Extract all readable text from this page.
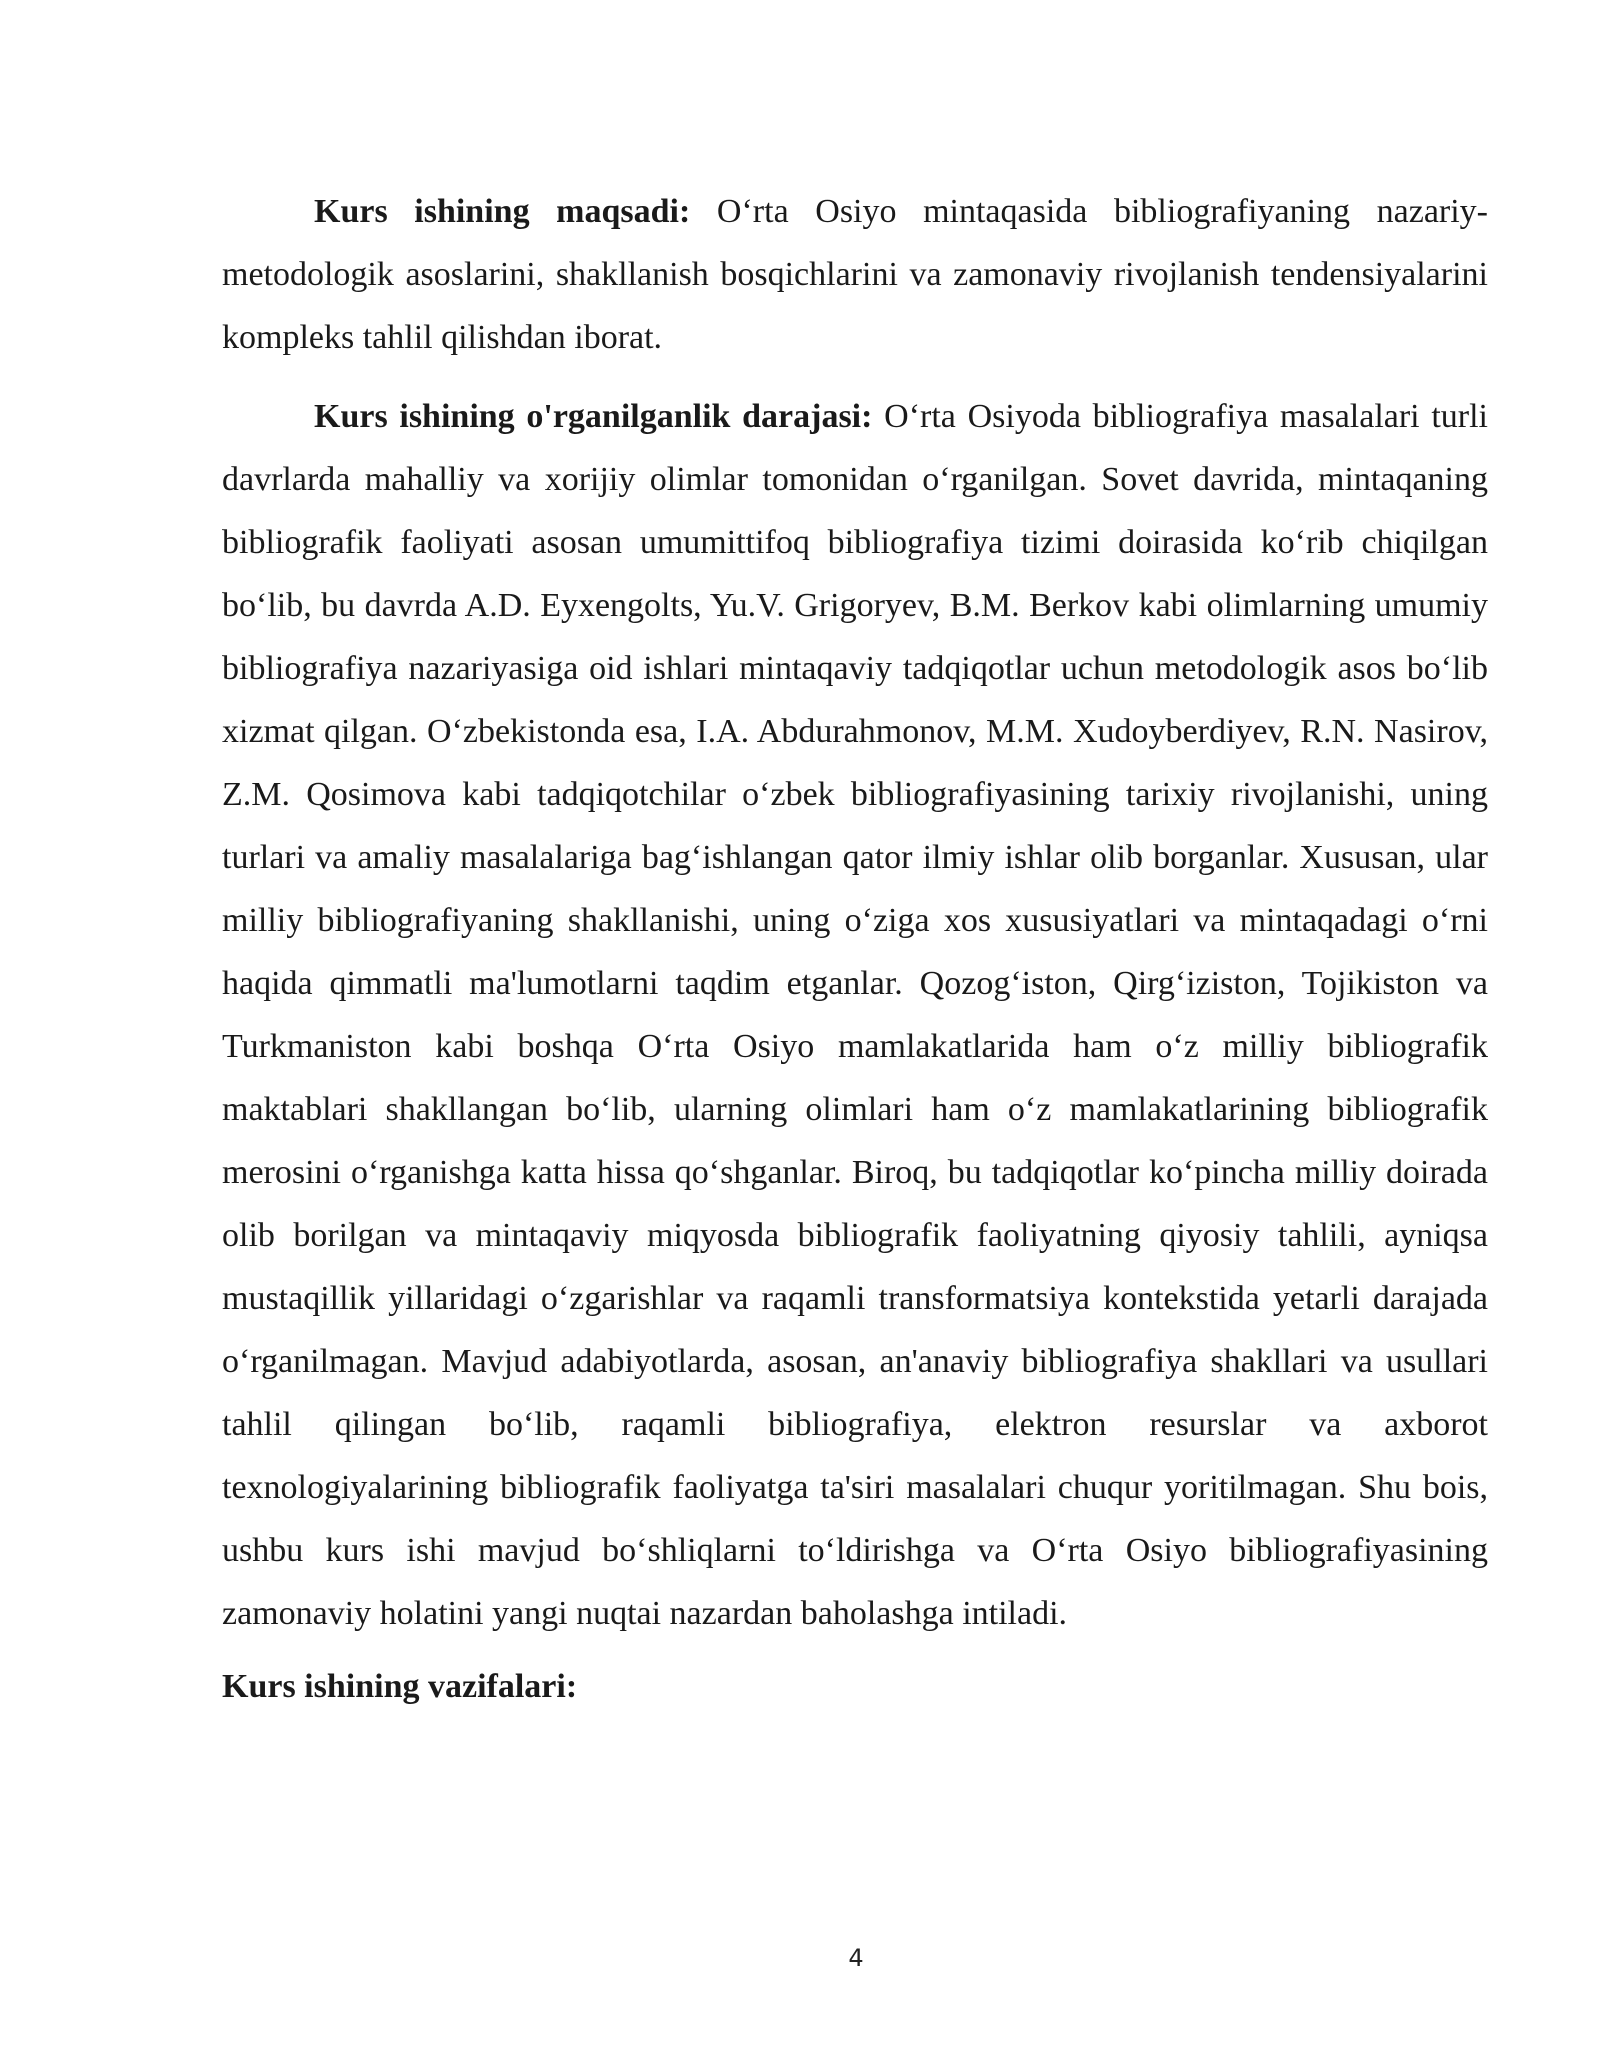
Kurs ishining maqsadi: O‘rta Osiyo mintaqasida bibliografiyaning nazariy-metodologik asoslarini, shakllanish bosqichlarini va zamonaviy rivojlanish tendensiyalarini kompleks tahlil qilishdan iborat.

Kurs ishining o'rganilganlik darajasi: O‘rta Osiyoda bibliografiya masalalari turli davrlarda mahalliy va xorijiy olimlar tomonidan o‘rganilgan. Sovet davrida, mintaqaning bibliografik faoliyati asosan umumittifoq bibliografiya tizimi doirasida ko‘rib chiqilgan bo‘lib, bu davrda A.D. Eyxengolts, Yu.V. Grigoryev, B.M. Berkov kabi olimlarning umumiy bibliografiya nazariyasiga oid ishlari mintaqaviy tadqiqotlar uchun metodologik asos bo‘lib xizmat qilgan. O‘zbekistonda esa, I.A. Abdurahmonov, M.M. Xudoyberdiyev, R.N. Nasirov, Z.M. Qosimova kabi tadqiqotchilar o‘zbek bibliografiyasining tarixiy rivojlanishi, uning turlari va amaliy masalalariga bag‘ishlangan qator ilmiy ishlar olib borganlar. Xususan, ular milliy bibliografiyaning shakllanishi, uning o‘ziga xos xususiyatlari va mintaqadagi o‘rni haqida qimmatli ma'lumotlarni taqdim etganlar. Qozog‘iston, Qirg‘iziston, Tojikiston va Turkmaniston kabi boshqa O‘rta Osiyo mamlakatlarida ham o‘z milliy bibliografik maktablari shakllangan bo‘lib, ularning olimlari ham o‘z mamlakatlarining bibliografik merosini o‘rganishga katta hissa qo‘shganlar. Biroq, bu tadqiqotlar ko‘pincha milliy doirada olib borilgan va mintaqaviy miqyosda bibliografik faoliyatning qiyosiy tahlili, ayniqsa mustaqillik yillaridagi o‘zgarishlar va raqamli transformatsiya kontekstida yetarli darajada o‘rganilmagan. Mavjud adabiyotlarda, asosan, an'anaviy bibliografiya shakllari va usullari tahlil qilingan bo‘lib, raqamli bibliografiya, elektron resurslar va axborot texnologiyalarining bibliografik faoliyatga ta'siri masalalari chuqur yoritilmagan. Shu bois, ushbu kurs ishi mavjud bo‘shliqlarni to‘ldirishga va O‘rta Osiyo bibliografiyasining zamonaviy holatini yangi nuqtai nazardan baholashga intiladi.

Kurs ishining vazifalari:

4
